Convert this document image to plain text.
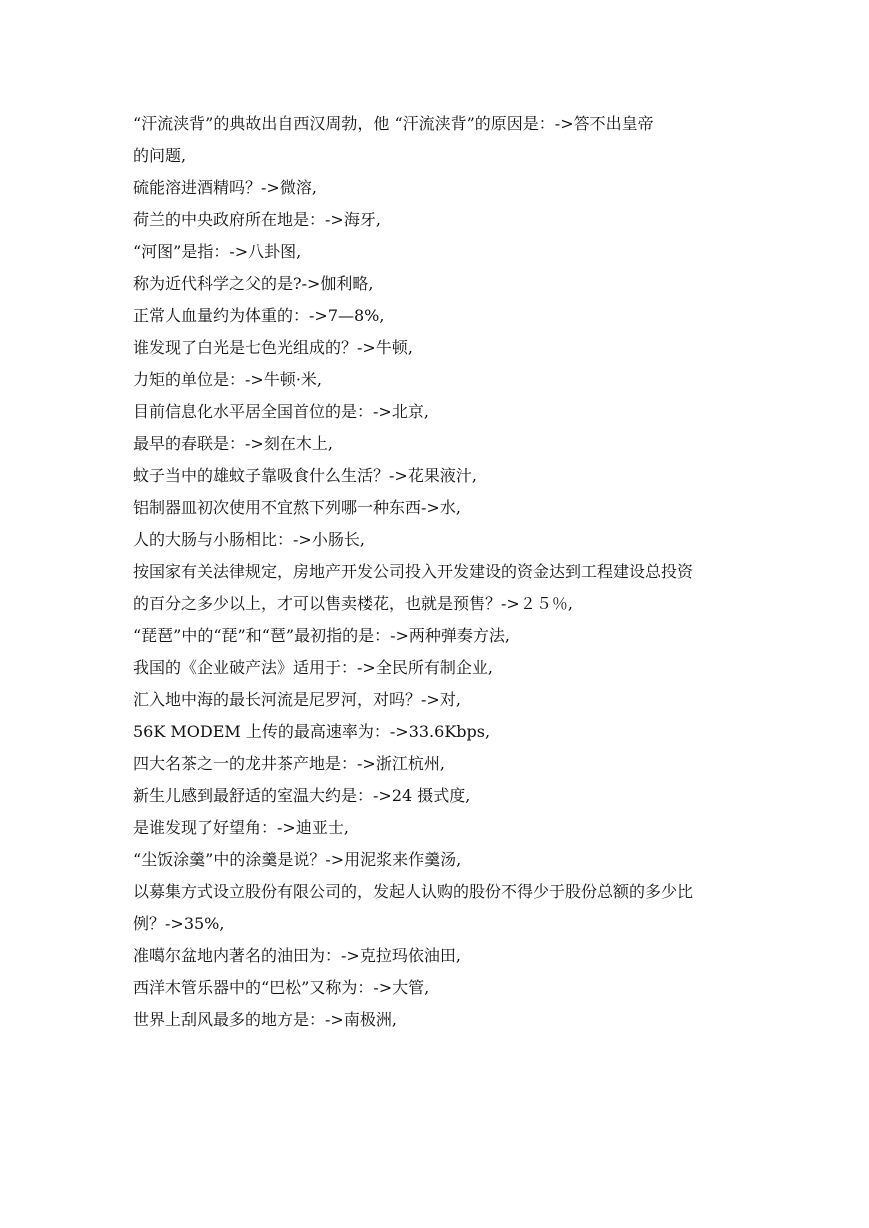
“汗流浃背”的典故出自西汉周勃，他 “汗流浃背”的原因是：->答不出皇帝
的问题,
硫能溶进酒精吗？->微溶,
荷兰的中央政府所在地是：->海牙,
“河图”是指：->八卦图,
称为近代科学之父的是?->伽利略,
正常人血量约为体重的：->7—8%,
谁发现了白光是七色光组成的？->牛顿,
力矩的单位是：->牛顿·米,
目前信息化水平居全国首位的是：->北京,
最早的春联是：->刻在木上,
蚊子当中的雄蚊子靠吸食什么生活？->花果液汁,
铝制器皿初次使用不宜熬下列哪一种东西->水,
人的大肠与小肠相比：->小肠长,
按国家有关法律规定，房地产开发公司投入开发建设的资金达到工程建设总投资
的百分之多少以上，才可以售卖楼花，也就是预售？->２５％,
“琵琶”中的“琵”和“琶”最初指的是：->两种弹奏方法,
我国的《企业破产法》适用于：->全民所有制企业,
汇入地中海的最长河流是尼罗河，对吗？->对,
56K MODEM 上传的最高速率为：->33.6Kbps,
四大名茶之一的龙井茶产地是：->浙江杭州,
新生儿感到最舒适的室温大约是：->24 摄式度,
是谁发现了好望角：->迪亚士,
“尘饭涂羹”中的涂羹是说？->用泥浆来作羹汤,
以募集方式设立股份有限公司的，发起人认购的股份不得少于股份总额的多少比
例？->35%,
准噶尔盆地内著名的油田为：->克拉玛依油田,
西洋木管乐器中的“巴松”又称为：->大管,
世界上刮风最多的地方是：->南极洲,
